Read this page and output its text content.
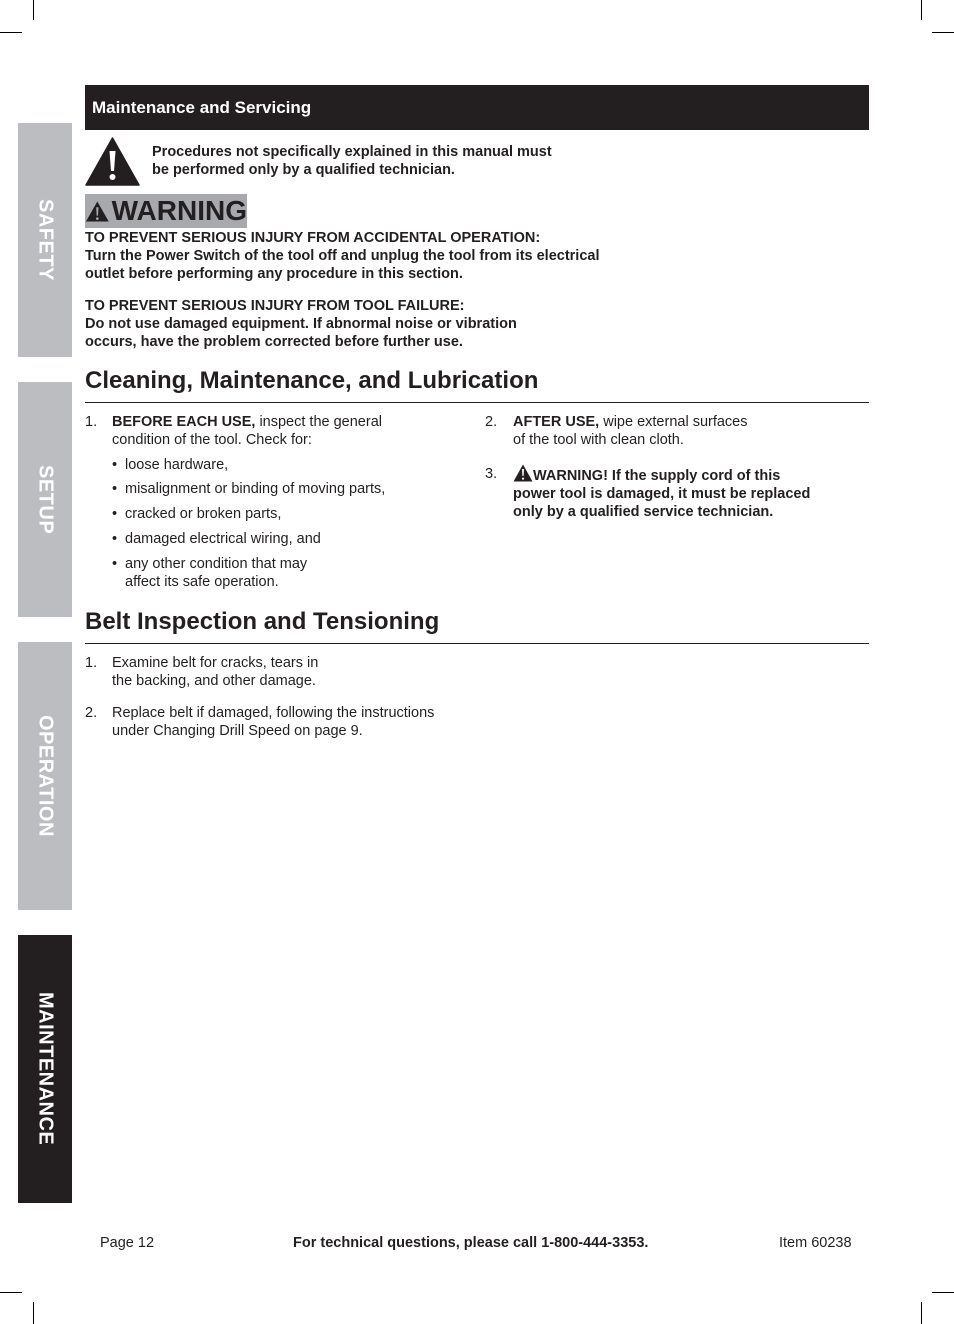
SAFETY
SETUP
OPERATION
MAINTENANCE
Maintenance and Servicing
Procedures not specifically explained in this manual must
be performed only by a qualified technician.
WARNING
TO PREVENT SERIOUS INJURY FROM ACCIDENTAL OPERATION:
Turn the Power Switch of the tool off and unplug the tool from its electrical
outlet before performing any procedure in this section.
TO PREVENT SERIOUS INJURY FROM TOOL FAILURE:
Do not use damaged equipment. If abnormal noise or vibration
occurs, have the problem corrected before further use.
Cleaning, Maintenance, and Lubrication
1. BEFORE EACH USE, inspect the general
condition of the tool. Check for:
• loose hardware,
• misalignment or binding of moving parts,
• cracked or broken parts,
• damaged electrical wiring, and
• any other condition that may
affect its safe operation.
2. AFTER USE, wipe external surfaces
of the tool with clean cloth.
3.	WARNING! If the supply cord of this
power tool is damaged, it must be replaced
only by a qualified service technician.
Belt Inspection and Tensioning
1. Examine belt for cracks, tears in
the backing, and other damage.
2. Replace belt if damaged, following the instructions
under Changing Drill Speed on page 9.
Page 12	For technical questions, please call 1-800-444-3353.	Item 60238
